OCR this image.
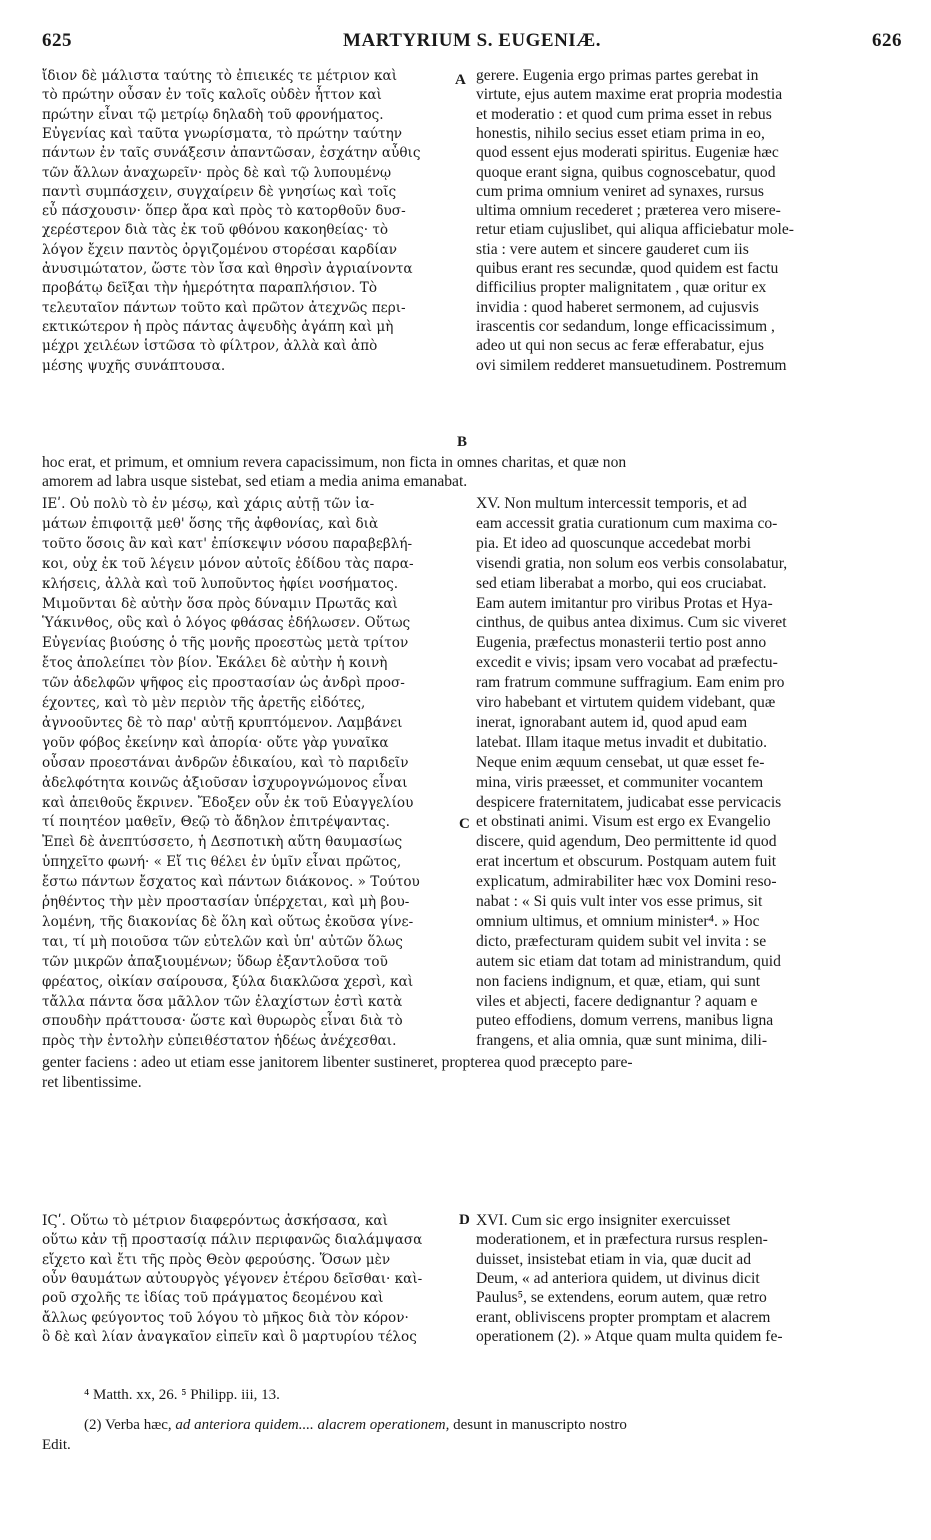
625	MARTYRIUM S. EUGENIÆ.	626
ἴδιον δὲ μάλιστα ταύτης τὸ ἐπιεικές τε μέτριον καὶ
τὸ πρώτην οὖσαν ἐν τοῖς καλοῖς οὐδὲν ἧττον καὶ
πρώτην εἶναι τῷ μετρίῳ δηλαδὴ τοῦ φρονήματος.
Εὐγενίας καὶ ταῦτα γνωρίσματα, τὸ πρώτην ταύτην
πάντων ἐν ταῖς συνάξεσιν ἀπαντῶσαν, ἐσχάτην αὖθις
τῶν ἄλλων ἀναχωρεῖν· πρὸς δὲ καὶ τῷ λυπουμένῳ
παντὶ συμπάσχειν, συγχαίρειν δὲ γνησίως καὶ τοῖς
εὖ πάσχουσιν· ὅπερ ἄρα καὶ πρὸς τὸ κατορθοῦν δυσ-
χερέστερον διὰ τὰς ἐκ τοῦ φθόνου κακοηθείας· τὸ
λόγον ἔχειν παντὸς ὀργιζομένου στορέσαι καρδίαν
ἀνυσιμώτατον, ὥστε τὸν ἴσα καὶ θηρσὶν ἀγριαίνοντα
προβάτῳ δεῖξαι τὴν ἡμερότητα παραπλήσιον. Τὸ
τελευταῖον πάντων τοῦτο καὶ πρῶτον ἀτεχνῶς περι-
εκτικώτερον ἡ πρὸς πάντας ἀψευδὴς ἀγάπη καὶ μὴ
μέχρι χειλέων ἱστῶσα τὸ φίλτρον, ἀλλὰ καὶ ἀπὸ
μέσης ψυχῆς συνάπτουσα.
gerere. Eugenia ergo primas partes gerebat in
virtute, ejus autem maxime erat propria modestia
et moderatio : et quod cum prima esset in rebus
honestis, nihilo secius esset etiam prima in eo,
quod essent ejus moderati spiritus. Eugeniæ hæc
quoque erant signa, quibus cognoscebatur, quod
cum prima omnium veniret ad synaxes, rursus
ultima omnium recederet ; præterea vero misere-
retur etiam cujuslibet, qui aliqua afficiebatur mole-
stia : vere autem et sincere gauderet cum iis
quibus erant res secundæ, quod quidem est factu
difficilius propter malignitatem , quæ oritur ex
invidia : quod haberet sermonem, ad cujusvis
irascentis cor sedandum, longe efficacissimum ,
adeo ut qui non secus ac feræ efferabatur, ejus
ovi similem redderet mansuetudinem. Postremum
hoc erat, et primum, et omnium revera capacissimum, non ficta in omnes charitas, et quæ non
amorem ad labra usque sistebat, sed etiam a media anima emanabat.
ΙΕʹ. Οὐ πολὺ τὸ ἐν μέσῳ, καὶ χάρις αὐτῇ τῶν ἰα-
μάτων ἐπιφοιτᾷ μεθ' ὅσης τῆς ἀφθονίας, καὶ διὰ
τοῦτο ὅσοις ἂν καὶ κατ' ἐπίσκεψιν νόσου παραβεβλή-
κοι, οὐχ ἐκ τοῦ λέγειν μόνον αὐτοῖς ἐδίδου τὰς παρα-
κλήσεις, ἀλλὰ καὶ τοῦ λυποῦντος ἠφίει νοσήματος.
Μιμοῦνται δὲ αὐτὴν ὅσα πρὸς δύναμιν Πρωτᾶς καὶ
Ὑάκινθος, οὓς καὶ ὁ λόγος φθάσας ἐδήλωσεν. Οὕτως
Εὐγενίας βιούσης ὁ τῆς μονῆς προεστὼς μετὰ τρίτον
ἔτος ἀπολείπει τὸν βίον. Ἐκάλει δὲ αὐτὴν ἡ κοινὴ
τῶν ἀδελφῶν ψῆφος εἰς προστασίαν ὡς ἀνδρὶ προσ-
έχοντες, καὶ τὸ μὲν περιὸν τῆς ἀρετῆς εἰδότες,
ἀγνοοῦντες δὲ τὸ παρ' αὐτῇ κρυπτόμενον. Λαμβάνει
γοῦν φόβος ἐκείνην καὶ ἀπορία· οὔτε γὰρ γυναῖκα
οὖσαν προεστάναι ἀνδρῶν ἐδικαίου, καὶ τὸ παριδεῖν
ἀδελφότητα κοινῶς ἀξιοῦσαν ἰσχυρογνώμονος εἶναι
καὶ ἀπειθοῦς ἔκρινεν. Ἔδοξεν οὖν ἐκ τοῦ Εὐαγγελίου
τί ποιητέον μαθεῖν, Θεῷ τὸ ἄδηλον ἐπιτρέψαντας.
Ἐπεὶ δὲ ἀνεπτύσσετο, ἡ Δεσποτικὴ αὕτη θαυμασίως
ὑπηχεῖτο φωνή· « Εἴ τις θέλει ἐν ὑμῖν εἶναι πρῶτος,
ἔστω πάντων ἔσχατος καὶ πάντων διάκονος. » Τούτου
ῥηθέντος τὴν μὲν προστασίαν ὑπέρχεται, καὶ μὴ βου-
λομένη, τῆς διακονίας δὲ ὅλη καὶ οὕτως ἐκοῦσα γίνε-
ται, τί μὴ ποιοῦσα τῶν εὐτελῶν καὶ ὑπ' αὐτῶν ὅλως
τῶν μικρῶν ἀπαξιουμένων; ὕδωρ ἐξαντλοῦσα τοῦ
φρέατος, οἰκίαν σαίρουσα, ξύλα διακλῶσα χερσὶ, καὶ
τἄλλα πάντα ὅσα μᾶλλον τῶν ἐλαχίστων ἐστὶ κατὰ
σπουδὴν πράττουσα· ὥστε καὶ θυρωρὸς εἶναι διὰ τὸ
πρὸς τὴν ἐντολὴν εὐπειθέστατον ἡδέως ἀνέχεσθαι.
XV. Non multum intercessit temporis, et ad
eam accessit gratia curationum cum maxima co-
pia. Et ideo ad quoscunque accedebat morbi
visendi gratia, non solum eos verbis consolabatur,
sed etiam liberabat a morbo, qui eos cruciabat.
Eam autem imitantur pro viribus Protas et Hya-
cinthus, de quibus antea diximus. Cum sic viveret
Eugenia, præfectus monasterii tertio post anno
excedit e vivis; ipsam vero vocabat ad præfectu-
ram fratrum commune suffragium. Eam enim pro
viro habebant et virtutem quidem videbant, quæ
inerat, ignorabant autem id, quod apud eam
latebat. Illam itaque metus invadit et dubitatio.
Neque enim æquum censebat, ut quæ esset fe-
mina, viris præesset, et communiter vocantem
despicere fraternitatem, judicabat esse pervicacis
et obstinati animi. Visum est ergo ex Evangelio
discere, quid agendum, Deo permittente id quod
erat incertum et obscurum. Postquam autem fuit
explicatum, admirabiliter hæc vox Domini reso-
nabat : « Si quis vult inter vos esse primus, sit
omnium ultimus, et omnium minister⁴. » Hoc
dicto, præfecturam quidem subit vel invita : se
autem sic etiam dat totam ad ministrandum, quid
non faciens indignum, et quæ, etiam, qui sunt
viles et abjecti, facere dedignantur ? aquam e
puteo effodiens, domum verrens, manibus ligna
frangens, et alia omnia, quæ sunt minima, dili-
genter faciens : adeo ut etiam esse janitorem libenter sustineret, propterea quod præcepto pare-
ret libentissime.
ΙϚʹ. Οὕτω τὸ μέτριον διαφερόντως ἀσκήσασα, καὶ
οὕτω κἀν τῇ προστασίᾳ πάλιν περιφανῶς διαλάμψασα
εἴχετο καὶ ἔτι τῆς πρὸς Θεὸν φερούσης. Ὅσων μὲν
οὖν θαυμάτων αὐτουργὸς γέγονεν ἑτέρου δεῖσθαι· καὶ-
ροῦ σχολῆς τε ἰδίας τοῦ πράγματος δεομένου καὶ
ἄλλως φεύγοντος τοῦ λόγου τὸ μῆκος διὰ τὸν κόρον·
ὃ δὲ καὶ λίαν ἀναγκαῖον εἰπεῖν καὶ ὃ μαρτυρίου τέλος
XVI. Cum sic ergo insigniter exercuisset
moderationem, et in præfectura rursus resplen-
duisset, insistebat etiam in via, quæ ducit ad
Deum, « ad anteriora quidem, ut divinus dicit
Paulus⁵, se extendens, eorum autem, quæ retro
erant, obliviscens propter promptam et alacrem
operationem (2). » Atque quam multa quidem fe-
A
B
C
D
⁴ Matth. xx, 26. ⁵ Philipp. iii, 13.
(2) Verba hæc, ad anteriora quidem.... alacrem operationem, desunt in manuscripto nostro
Edit.
